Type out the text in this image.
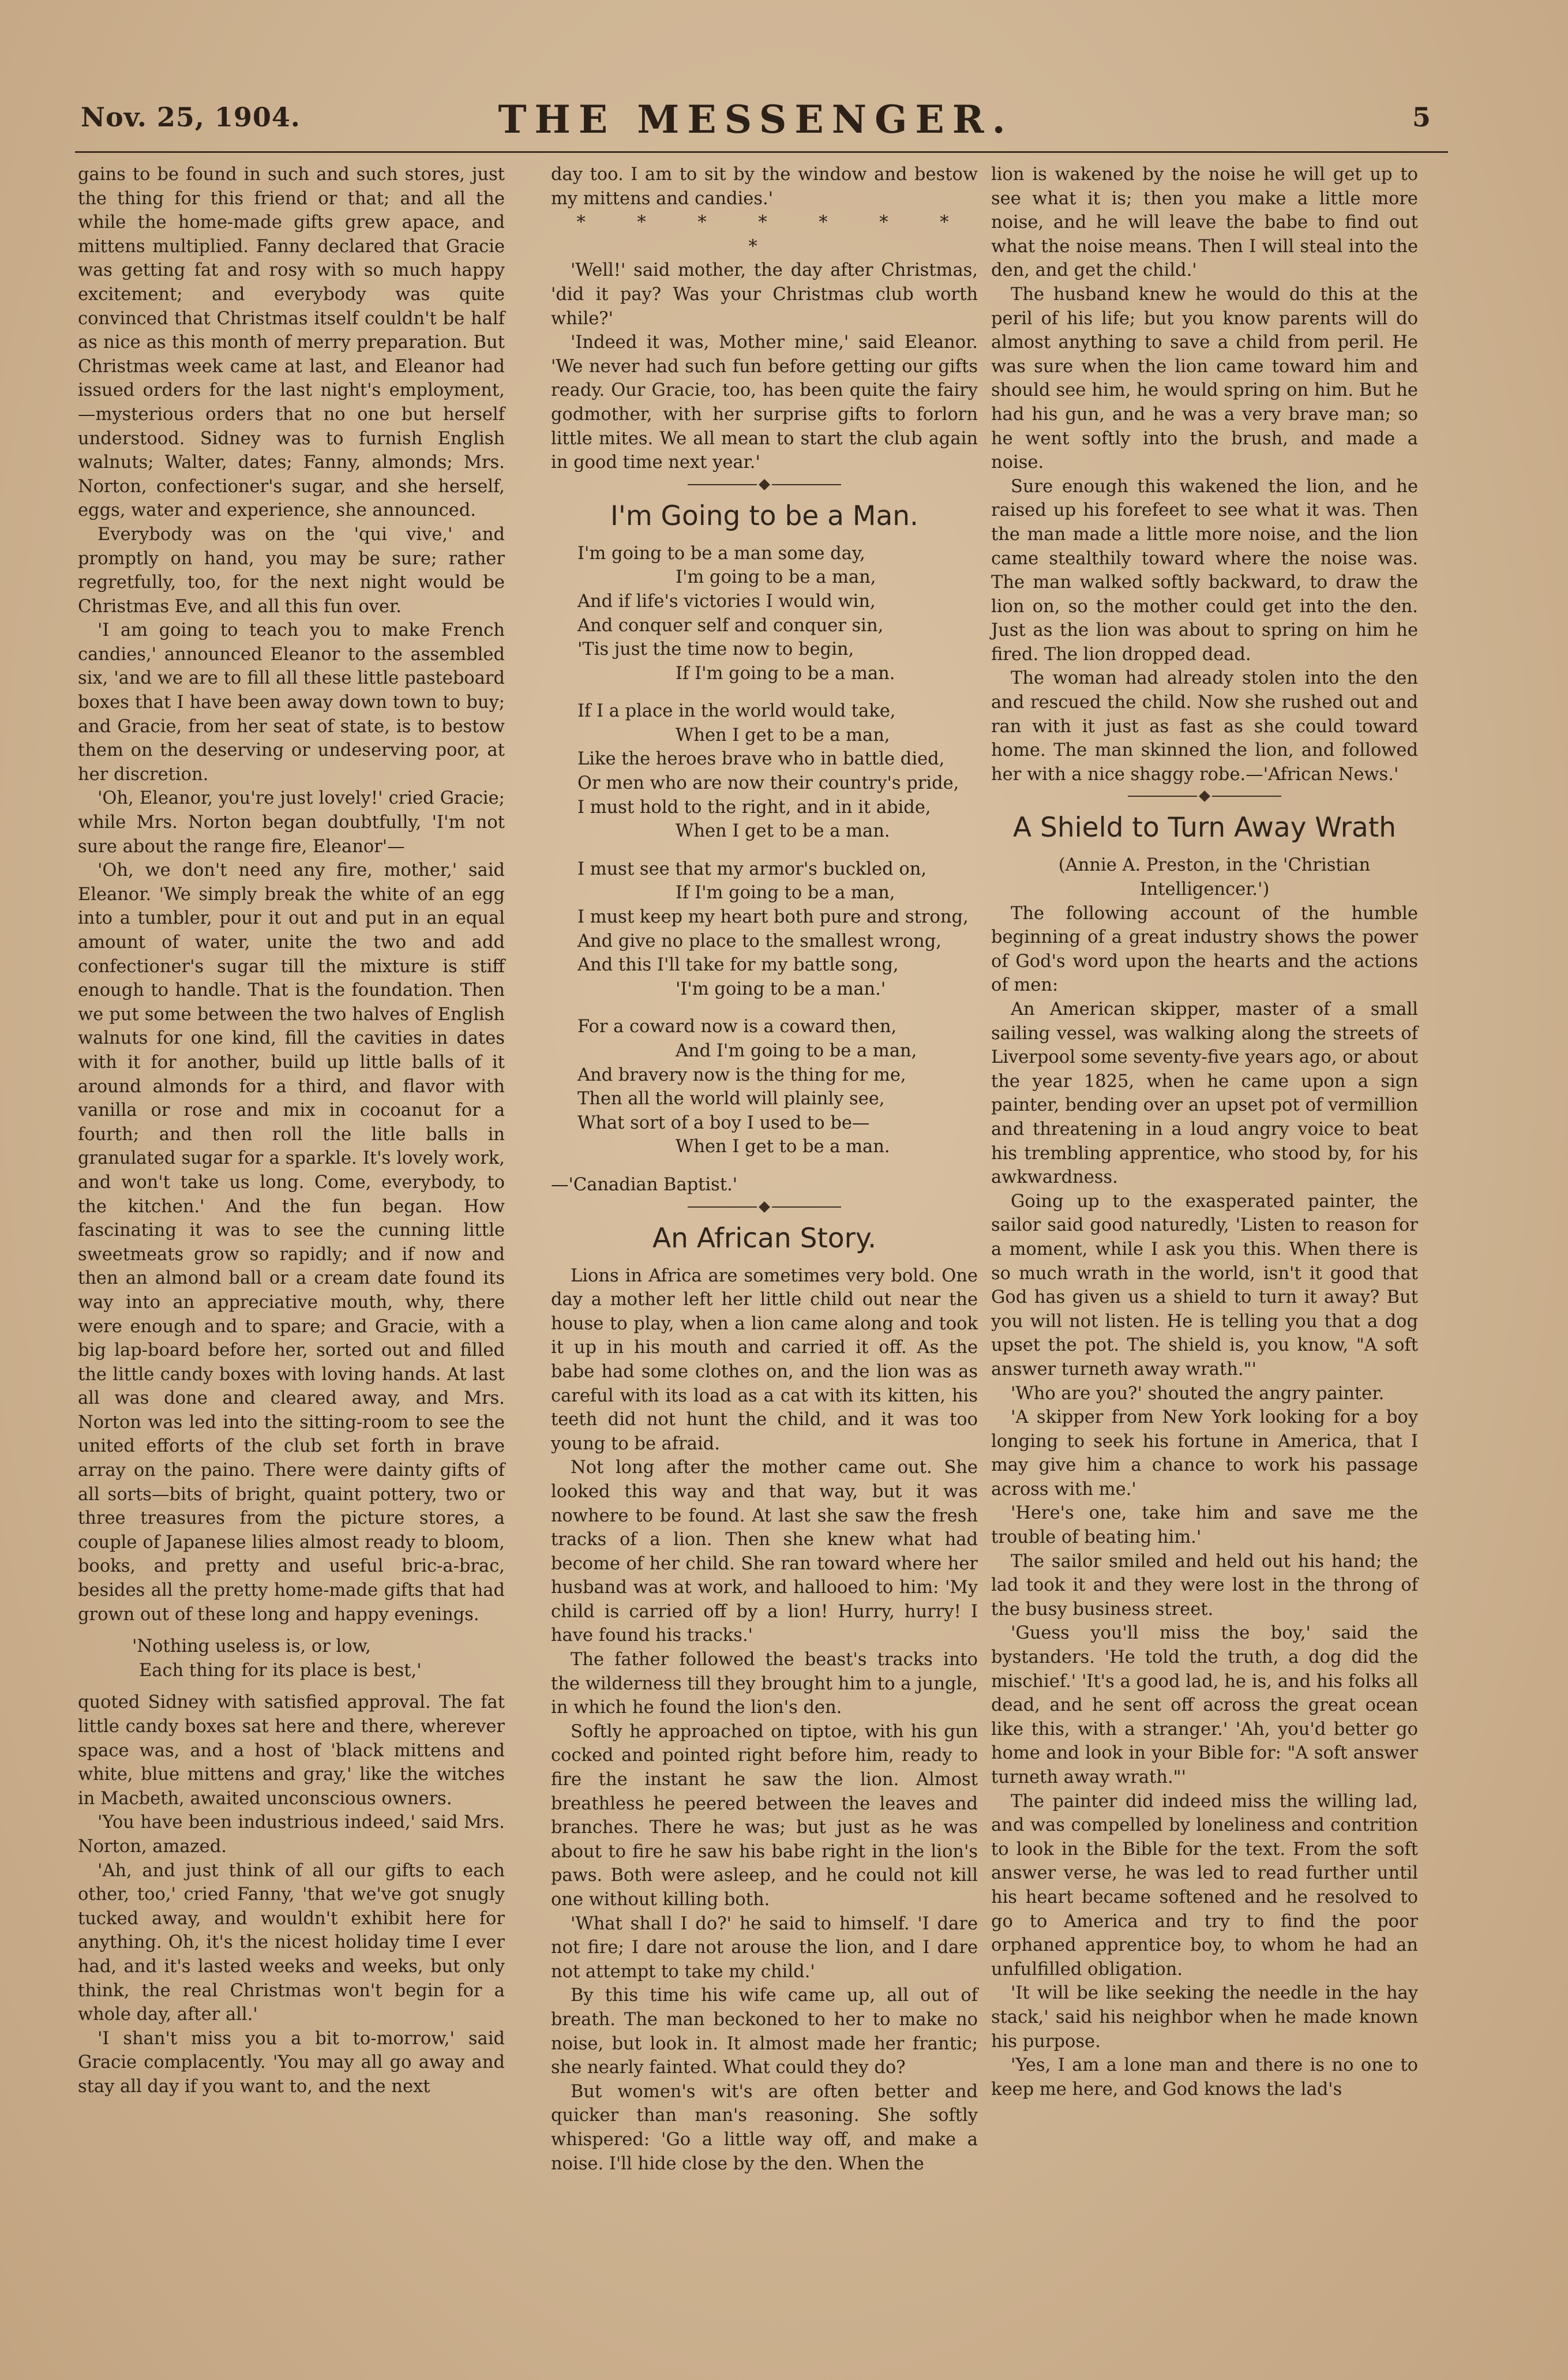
Nov. 25, 1904.	THE MESSENGER.	5

gains to be found in such and such stores, just the thing for this friend or that; and all the while the home-made gifts grew apace, and mittens multiplied. Fanny declared that Gracie was getting fat and rosy with so much happy excitement; and everybody was quite convinced that Christmas itself couldn't be half as nice as this month of merry preparation. But Christmas week came at last, and Eleanor had issued orders for the last night's employment,—mysterious orders that no one but herself understood. Sidney was to furnish English walnuts; Walter, dates; Fanny, almonds; Mrs. Norton, confectioner's sugar, and she herself, eggs, water and experience, she announced.

Everybody was on the 'qui vive,' and promptly on hand, you may be sure; rather regretfully, too, for the next night would be Christmas Eve, and all this fun over.

'I am going to teach you to make French candies,' announced Eleanor to the assembled six, 'and we are to fill all these little pasteboard boxes that I have been away down town to buy; and Gracie, from her seat of state, is to bestow them on the deserving or undeserving poor, at her discretion.

'Oh, Eleanor, you're just lovely!' cried Gracie; while Mrs. Norton began doubtfully, 'I'm not sure about the range fire, Eleanor'—

'Oh, we don't need any fire, mother,' said Eleanor. 'We simply break the white of an egg into a tumbler, pour it out and put in an equal amount of water, unite the two and add confectioner's sugar till the mixture is stiff enough to handle. That is the foundation. Then we put some between the two halves of English walnuts for one kind, fill the cavities in dates with it for another, build up little balls of it around almonds for a third, and flavor with vanilla or rose and mix in cocoanut for a fourth; and then roll the litle balls in granulated sugar for a sparkle. It's lovely work, and won't take us long. Come, everybody, to the kitchen.' And the fun began. How fascinating it was to see the cunning little sweetmeats grow so rapidly; and if now and then an almond ball or a cream date found its way into an appreciative mouth, why, there were enough and to spare; and Gracie, with a big lap-board before her, sorted out and filled the little candy boxes with loving hands. At last all was done and cleared away, and Mrs. Norton was led into the sitting-room to see the united efforts of the club set forth in brave array on the paino. There were dainty gifts of all sorts—bits of bright, quaint pottery, two or three treasures from the picture stores, a couple of Japanese lilies almost ready to bloom, books, and pretty and useful bric-a-brac, besides all the pretty home-made gifts that had grown out of these long and happy evenings.

'Nothing useless is, or low,

Each thing for its place is best,'

quoted Sidney with satisfied approval. The fat little candy boxes sat here and there, wherever space was, and a host of 'black mittens and white, blue mittens and gray,' like the witches in Macbeth, awaited unconscious owners.

'You have been industrious indeed,' said Mrs. Norton, amazed.

'Ah, and just think of all our gifts to each other, too,' cried Fanny, 'that we've got snugly tucked away, and wouldn't exhibit here for anything. Oh, it's the nicest holiday time I ever had, and it's lasted weeks and weeks, but only think, the real Christmas won't begin for a whole day, after all.'

'I shan't miss you a bit to-morrow,' said Gracie complacently. 'You may all go away and stay all day if you want to, and the next

day too. I am to sit by the window and bestow my mittens and candies.'

* * * * * * * *

'Well!' said mother, the day after Christmas, 'did it pay? Was your Christmas club worth while?'

'Indeed it was, Mother mine,' said Eleanor. 'We never had such fun before getting our gifts ready. Our Gracie, too, has been quite the fairy godmother, with her surprise gifts to forlorn little mites. We all mean to start the club again in good time next year.'

I'm Going to be a Man.

I'm going to be a man some day,

I'm going to be a man,

And if life's victories I would win,

And conquer self and conquer sin,

'Tis just the time now to begin,

If I'm going to be a man.

If I a place in the world would take,

When I get to be a man,

Like the heroes brave who in battle died,

Or men who are now their country's pride,

I must hold to the right, and in it abide,

When I get to be a man.

I must see that my armor's buckled on,

If I'm going to be a man,

I must keep my heart both pure and strong,

And give no place to the smallest wrong,

And this I'll take for my battle song,

'I'm going to be a man.'

For a coward now is a coward then,

And I'm going to be a man,

And bravery now is the thing for me,

Then all the world will plainly see,

What sort of a boy I used to be—

When I get to be a man.

—'Canadian Baptist.'

An African Story.

Lions in Africa are sometimes very bold. One day a mother left her little child out near the house to play, when a lion came along and took it up in his mouth and carried it off. As the babe had some clothes on, and the lion was as careful with its load as a cat with its kitten, his teeth did not hunt the child, and it was too young to be afraid.

Not long after the mother came out. She looked this way and that way, but it was nowhere to be found. At last she saw the fresh tracks of a lion. Then she knew what had become of her child. She ran toward where her husband was at work, and hallooed to him: 'My child is carried off by a lion! Hurry, hurry! I have found his tracks.'

The father followed the beast's tracks into the wilderness till they brought him to a jungle, in which he found the lion's den.

Softly he approached on tiptoe, with his gun cocked and pointed right before him, ready to fire the instant he saw the lion. Almost breathless he peered between the leaves and branches. There he was; but just as he was about to fire he saw his babe right in the lion's paws. Both were asleep, and he could not kill one without killing both.

'What shall I do?' he said to himself. 'I dare not fire; I dare not arouse the lion, and I dare not attempt to take my child.'

By this time his wife came up, all out of breath. The man beckoned to her to make no noise, but look in. It almost made her frantic; she nearly fainted. What could they do?

But women's wit's are often better and quicker than man's reasoning. She softly whispered: 'Go a little way off, and make a noise. I'll hide close by the den. When the

lion is wakened by the noise he will get up to see what it is; then you make a little more noise, and he will leave the babe to find out what the noise means. Then I will steal into the den, and get the child.'

The husband knew he would do this at the peril of his life; but you know parents will do almost anything to save a child from peril. He was sure when the lion came toward him and should see him, he would spring on him. But he had his gun, and he was a very brave man; so he went softly into the brush, and made a noise.

Sure enough this wakened the lion, and he raised up his forefeet to see what it was. Then the man made a little more noise, and the lion came stealthily toward where the noise was. The man walked softly backward, to draw the lion on, so the mother could get into the den. Just as the lion was about to spring on him he fired. The lion dropped dead.

The woman had already stolen into the den and rescued the child. Now she rushed out and ran with it just as fast as she could toward home. The man skinned the lion, and followed her with a nice shaggy robe.—'African News.'

A Shield to Turn Away Wrath

(Annie A. Preston, in the 'Christian Intelligencer.')

The following account of the humble beginning of a great industry shows the power of God's word upon the hearts and the actions of men:

An American skipper, master of a small sailing vessel, was walking along the streets of Liverpool some seventy-five years ago, or about the year 1825, when he came upon a sign painter, bending over an upset pot of vermillion and threatening in a loud angry voice to beat his trembling apprentice, who stood by, for his awkwardness.

Going up to the exasperated painter, the sailor said good naturedly, 'Listen to reason for a moment, while I ask you this. When there is so much wrath in the world, isn't it good that God has given us a shield to turn it away? But you will not listen. He is telling you that a dog upset the pot. The shield is, you know, "A soft answer turneth away wrath."'

'Who are you?' shouted the angry painter.

'A skipper from New York looking for a boy longing to seek his fortune in America, that I may give him a chance to work his passage across with me.'

'Here's one, take him and save me the trouble of beating him.'

The sailor smiled and held out his hand; the lad took it and they were lost in the throng of the busy business street.

'Guess you'll miss the boy,' said the bystanders. 'He told the truth, a dog did the mischief.' 'It's a good lad, he is, and his folks all dead, and he sent off across the great ocean like this, with a stranger.' 'Ah, you'd better go home and look in your Bible for: "A soft answer turneth away wrath."'

The painter did indeed miss the willing lad, and was compelled by loneliness and contrition to look in the Bible for the text. From the soft answer verse, he was led to read further until his heart became softened and he resolved to go to America and try to find the poor orphaned apprentice boy, to whom he had an unfulfilled obligation.

'It will be like seeking the needle in the hay stack,' said his neighbor when he made known his purpose.

'Yes, I am a lone man and there is no one to keep me here, and God knows the lad's
